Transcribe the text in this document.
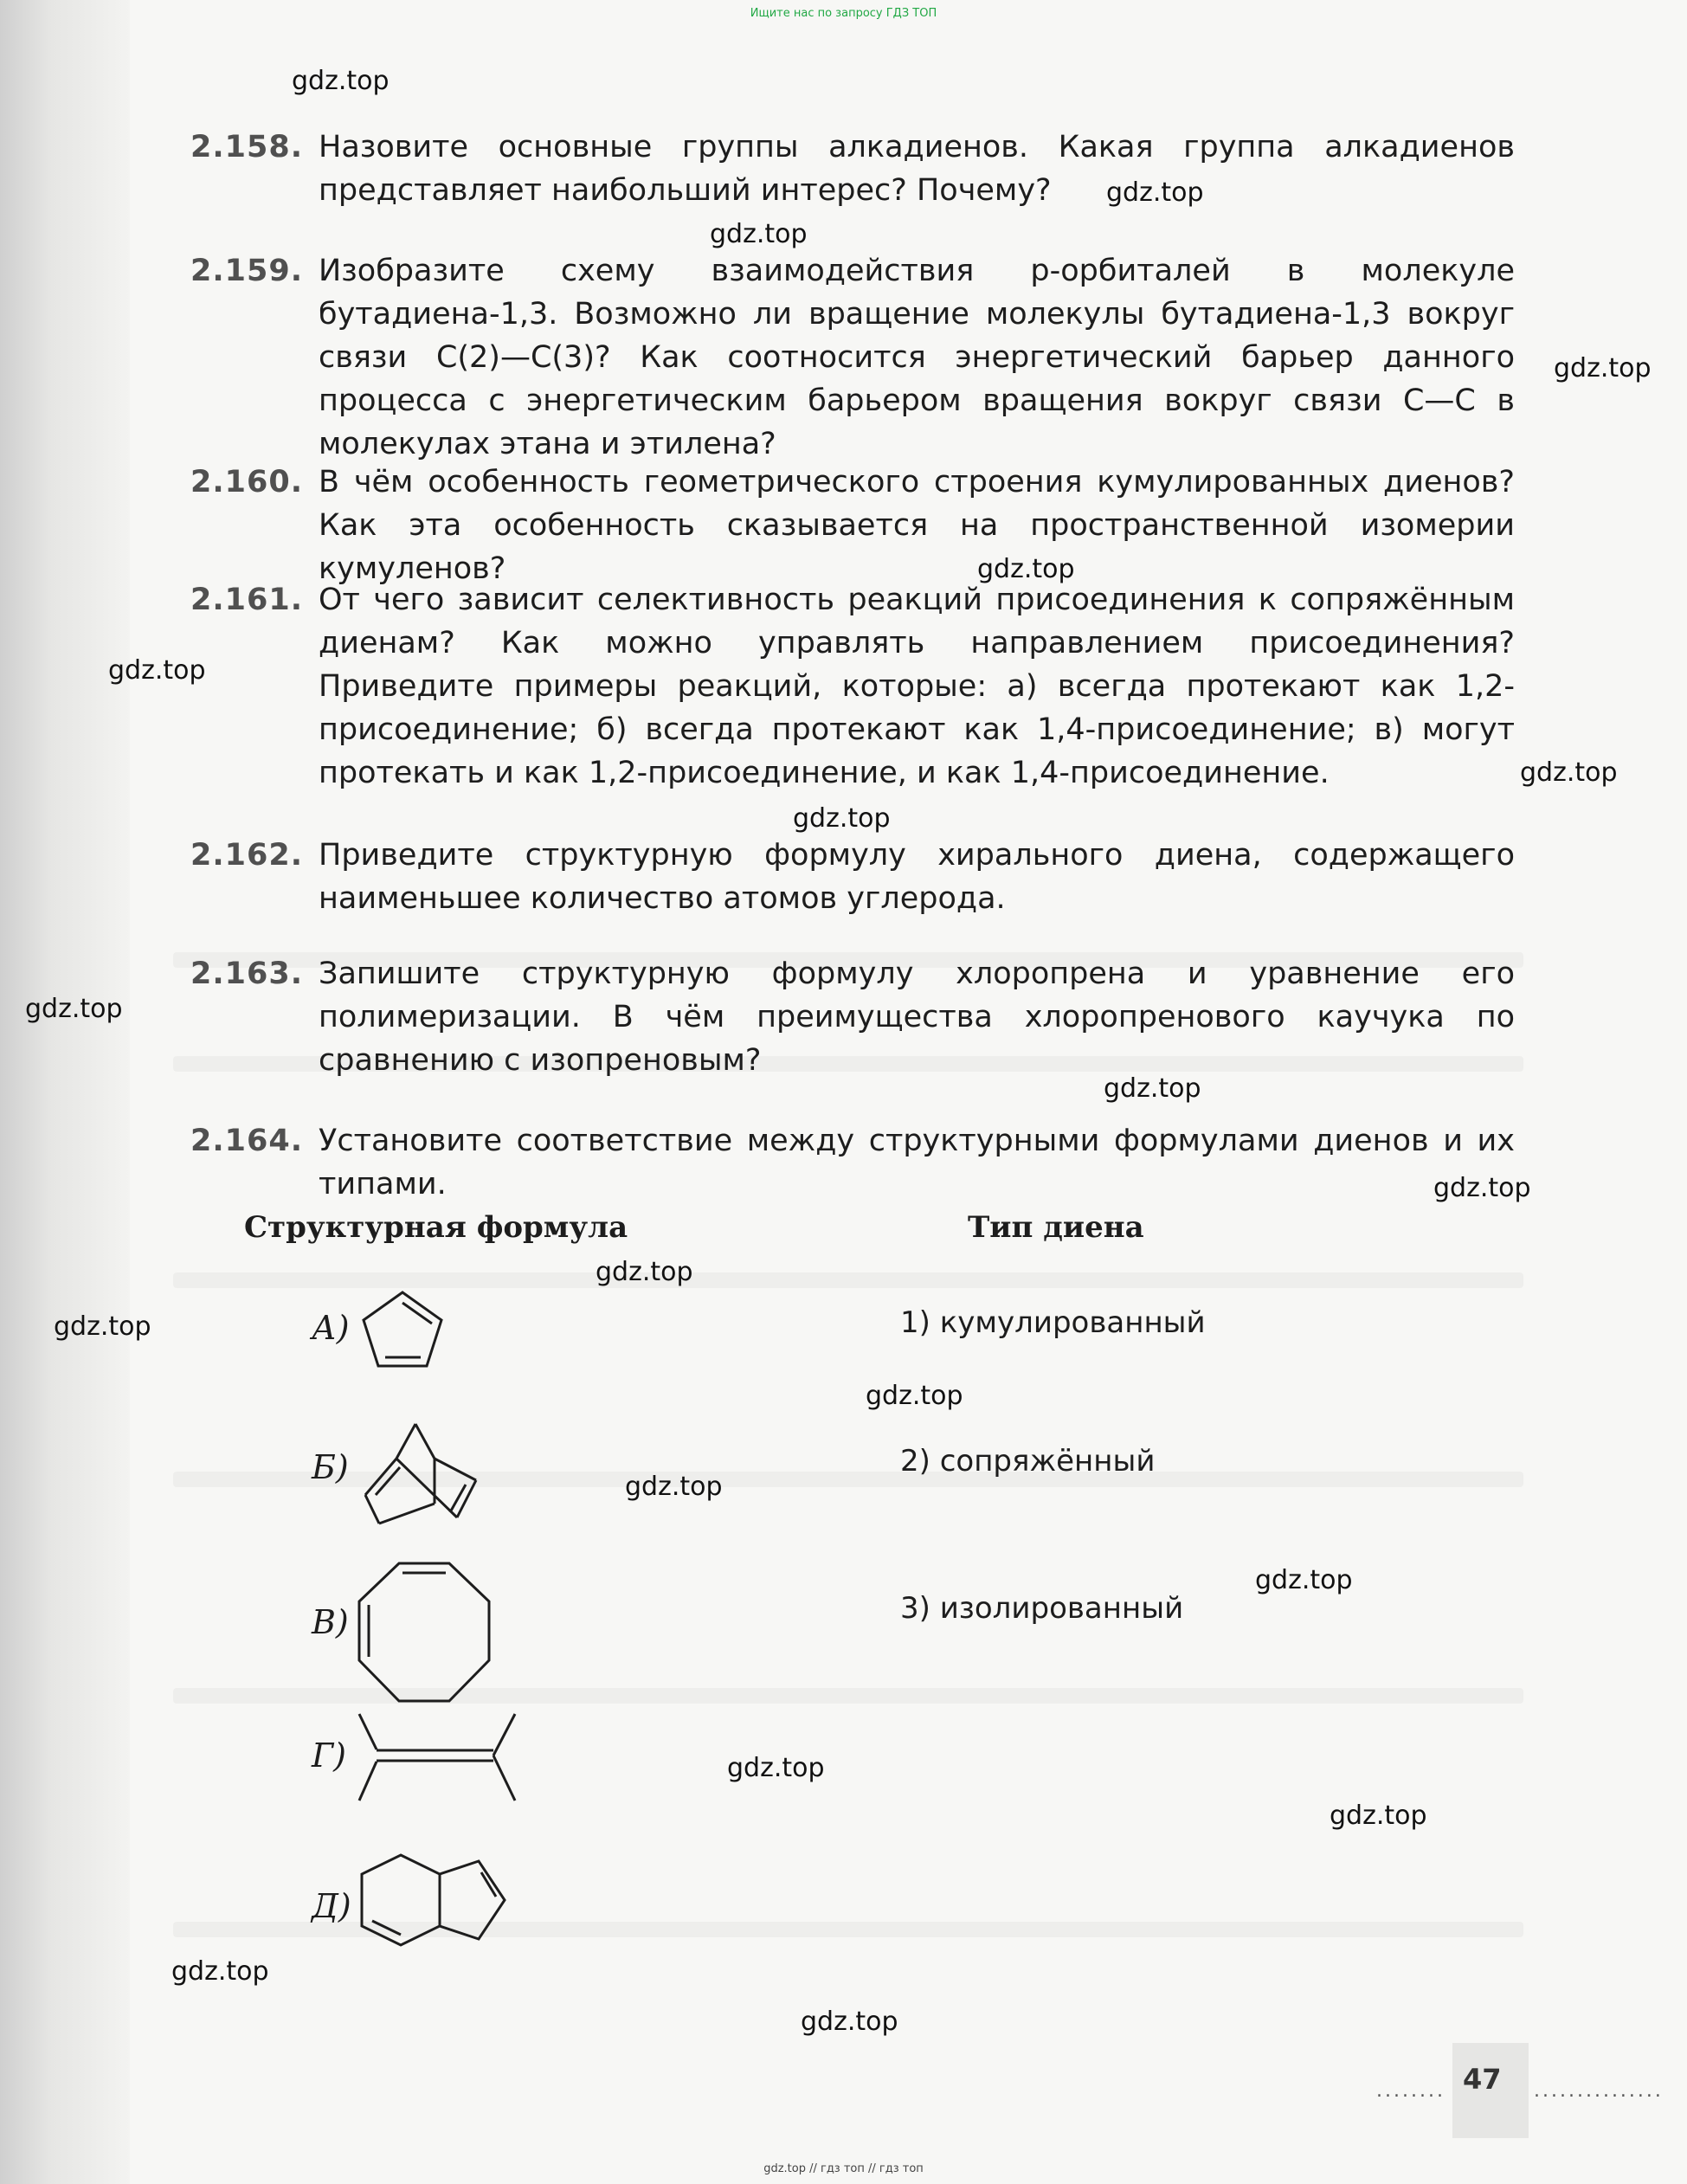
Ищите нас по запросу ГДЗ ТОП
gdz.top
gdz.top
gdz.top
gdz.top
gdz.top
gdz.top
gdz.top
gdz.top
gdz.top
gdz.top
gdz.top
gdz.top
gdz.top
gdz.top
gdz.top
gdz.top
gdz.top
gdz.top
gdz.top
gdz.top
2.158. Назовите основные группы алкадиенов. Какая группа алкадиенов представляет наибольший интерес? Почему?
2.159. Изобразите схему взаимодействия p-орбиталей в молекуле бутадиена-1,3. Возможно ли вращение молекулы бутадиена-1,3 вокруг связи C(2)—C(3)? Как соотносится энергетический барьер данного процесса с энергетическим барьером вращения вокруг связи C—C в молекулах этана и этилена?
2.160. В чём особенность геометрического строения кумулированных диенов? Как эта особенность сказывается на пространственной изомерии кумуленов?
2.161. От чего зависит селективность реакций присоединения к сопряжённым диенам? Как можно управлять направлением присоединения? Приведите примеры реакций, которые: а) всегда протекают как 1,2-присоединение; б) всегда протекают как 1,4-присоединение; в) могут протекать и как 1,2-присоединение, и как 1,4-присоединение.
2.162. Приведите структурную формулу хирального диена, содержащего наименьшее количество атомов углерода.
2.163. Запишите структурную формулу хлоропрена и уравнение его полимеризации. В чём преимущества хлоропренового каучука по сравнению с изопреновым?
2.164. Установите соответствие между структурными формулами диенов и их типами.
Структурная формула	Тип диена
А)
Б)
В)
Г)
Д)
1) кумулированный
2) сопряжённый
3) изолированный
........ 47 ...............
gdz.top // гдз топ // гдз топ
